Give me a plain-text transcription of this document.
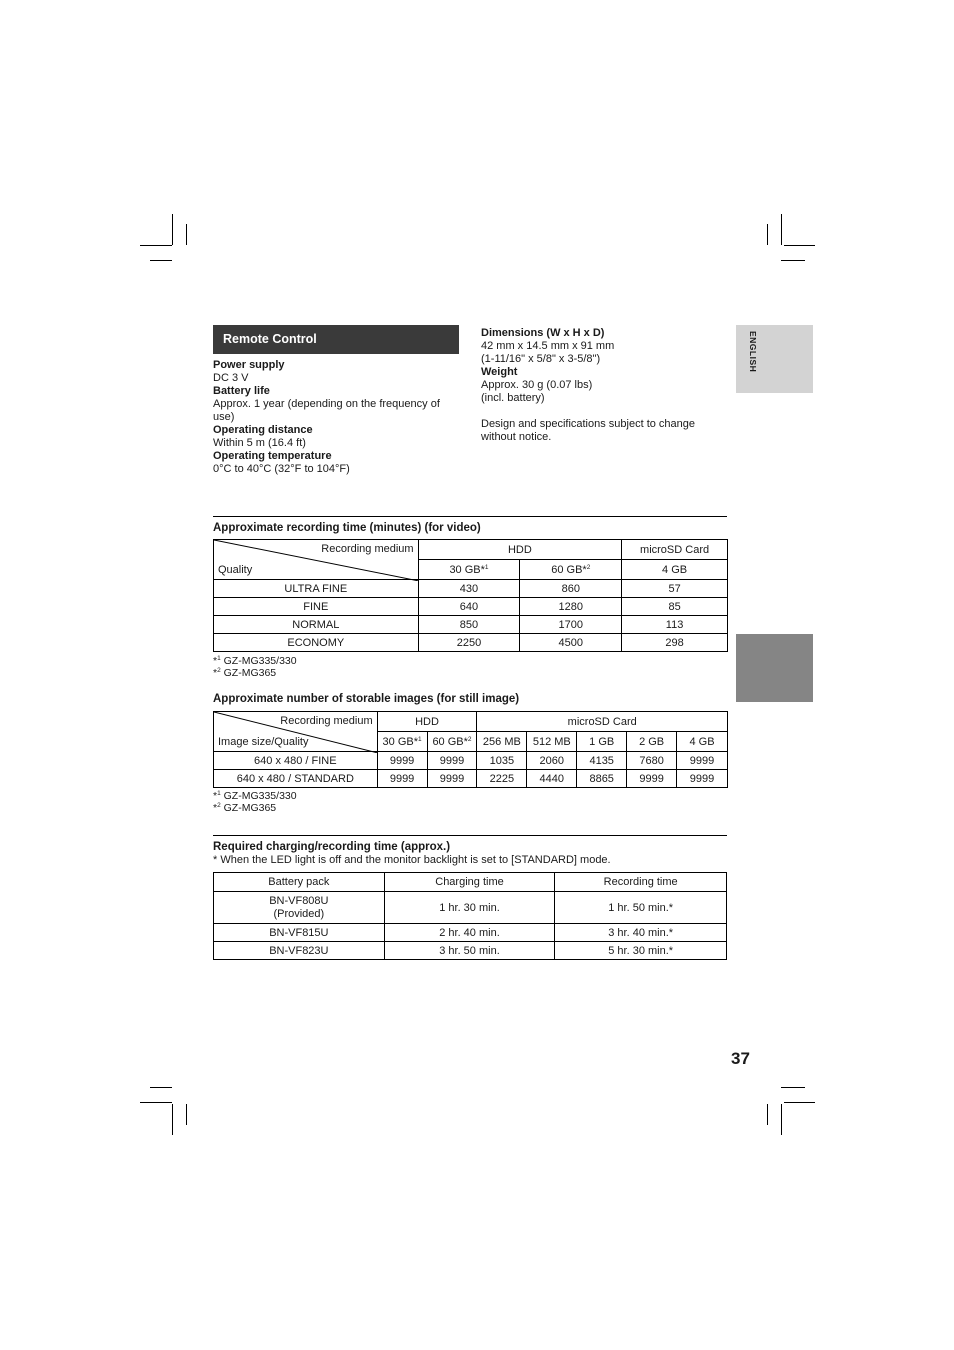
Remote Control
Power supply
DC 3 V
Battery life
Approx. 1 year (depending on the frequency of use)
Operating distance
Within 5 m (16.4 ft)
Operating temperature
0°C to 40°C (32°F to 104°F)
Dimensions (W x H x D)
42 mm x 14.5 mm x 91 mm
(1-11/16" x 5/8" x 3-5/8")
Weight
Approx. 30 g (0.07 lbs)
(incl. battery)
Design and specifications subject to change without notice.
ENGLISH
Approximate recording time (minutes) (for video)
Recording medium
Quality	HDD		microSD Card
	30 GB*$^1$	60 GB*$^2$	4 GB
ULTRA FINE	430	860	57
FINE	640	1280	85
NORMAL	850	1700	113
ECONOMY	2250	4500	298
*$^1$ GZ-MG335/330
*$^2$ GZ-MG365
Approximate number of storable images (for still image)
Recording medium
Image size/Quality	HDD		microSD Card				
	30 GB*$^1$	60 GB*$^2$	256 MB	512 MB	1 GB	2 GB	4 GB
640 x 480 / FINE	9999	9999	1035	2060	4135	7680	9999
640 x 480 / STANDARD	9999	9999	2225	4440	8865	9999	9999
*$^1$ GZ-MG335/330
*$^2$ GZ-MG365
Required charging/recording time (approx.)
* When the LED light is off and the monitor backlight is set to [STANDARD] mode.
Battery pack	Charging time	Recording time

BN-VF808U
(Provided)	1 hr. 30 min.	1 hr. 50 min.*
BN-VF815U	2 hr. 40 min.	3 hr. 40 min.*
BN-VF823U	3 hr. 50 min.	5 hr. 30 min.*
37
